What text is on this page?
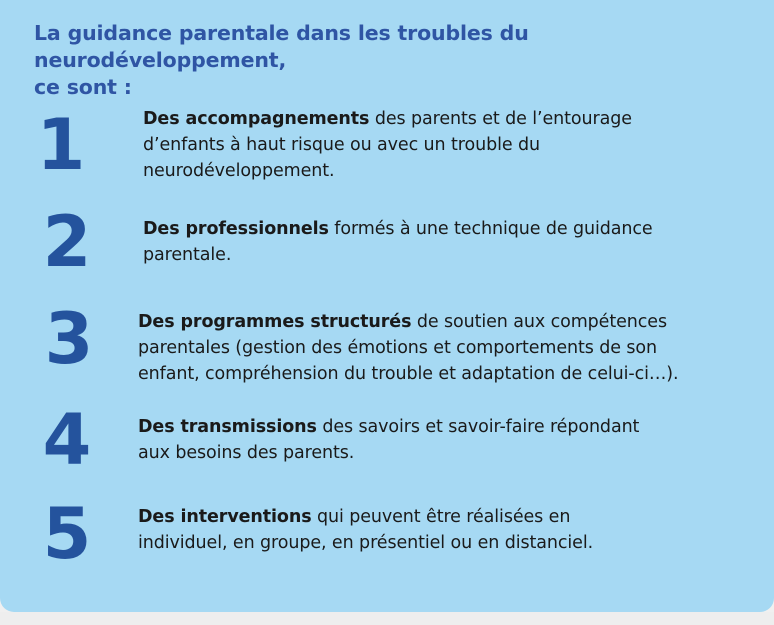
La guidance parentale dans les troubles du neurodéveloppement,
ce sont :
1	Des accompagnements des parents et de l’entourage
d’enfants à haut risque ou avec un trouble du
neurodéveloppement.

2	Des professionnels formés à une technique de guidance
parentale.

3	Des programmes structurés de soutien aux compétences
parentales (gestion des émotions et comportements de son
enfant, compréhension du trouble et adaptation de celui-ci…).

4	Des transmissions des savoirs et savoir-faire répondant
aux besoins des parents.

5	Des interventions qui peuvent être réalisées en
individuel, en groupe, en présentiel ou en distanciel.
